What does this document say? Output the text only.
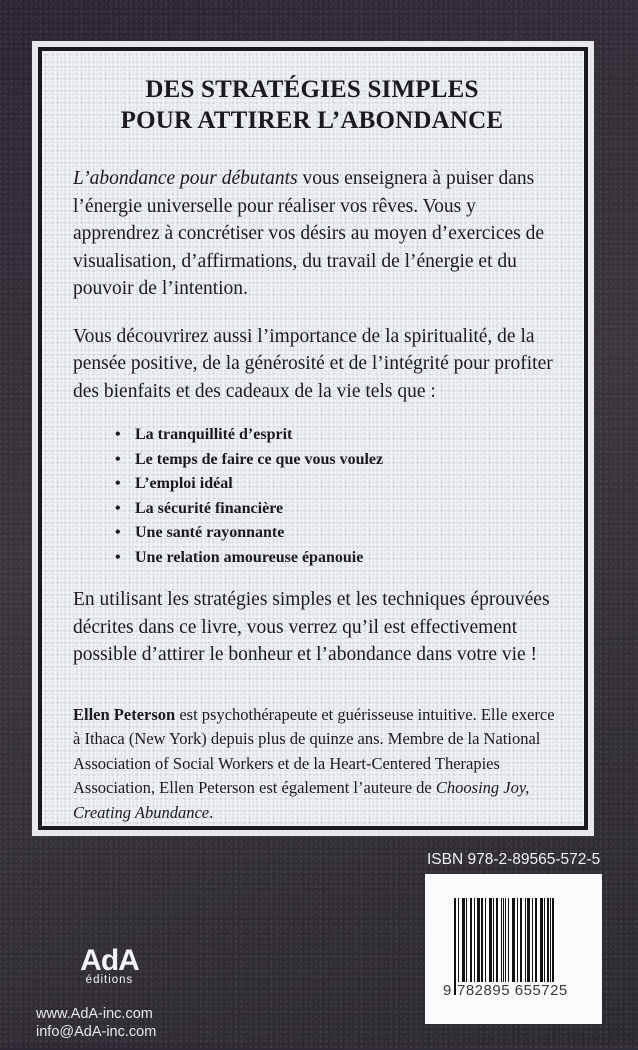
DES STRATÉGIES SIMPLES
POUR ATTIRER L’ABONDANCE

L’abondance pour débutants vous enseignera à puiser dans l’énergie universelle pour réaliser vos rêves. Vous y apprendrez à concrétiser vos désirs au moyen d’exercices de visualisation, d’affirmations, du travail de l’énergie et du pouvoir de l’intention.

Vous découvrirez aussi l’importance de la spiritualité, de la pensée positive, de la générosité et de l’intégrité pour profiter des bienfaits et des cadeaux de la vie tels que :

• La tranquillité d’esprit
• Le temps de faire ce que vous voulez
• L’emploi idéal
• La sécurité financière
• Une santé rayonnante
• Une relation amoureuse épanouie

En utilisant les stratégies simples et les techniques éprouvées décrites dans ce livre, vous verrez qu’il est effectivement possible d’attirer le bonheur et l’abondance dans votre vie !

Ellen Peterson est psychothérapeute et guérisseuse intuitive. Elle exerce à Ithaca (New York) depuis plus de quinze ans. Membre de la National Association of Social Workers et de la Heart-Centered Therapies Association, Ellen Peterson est également l’auteure de Choosing Joy, Creating Abundance.

ISBN 978-2-89565-572-5

9

782895 655725

AdA
éditions
www.AdA-inc.com
info@AdA-inc.com
